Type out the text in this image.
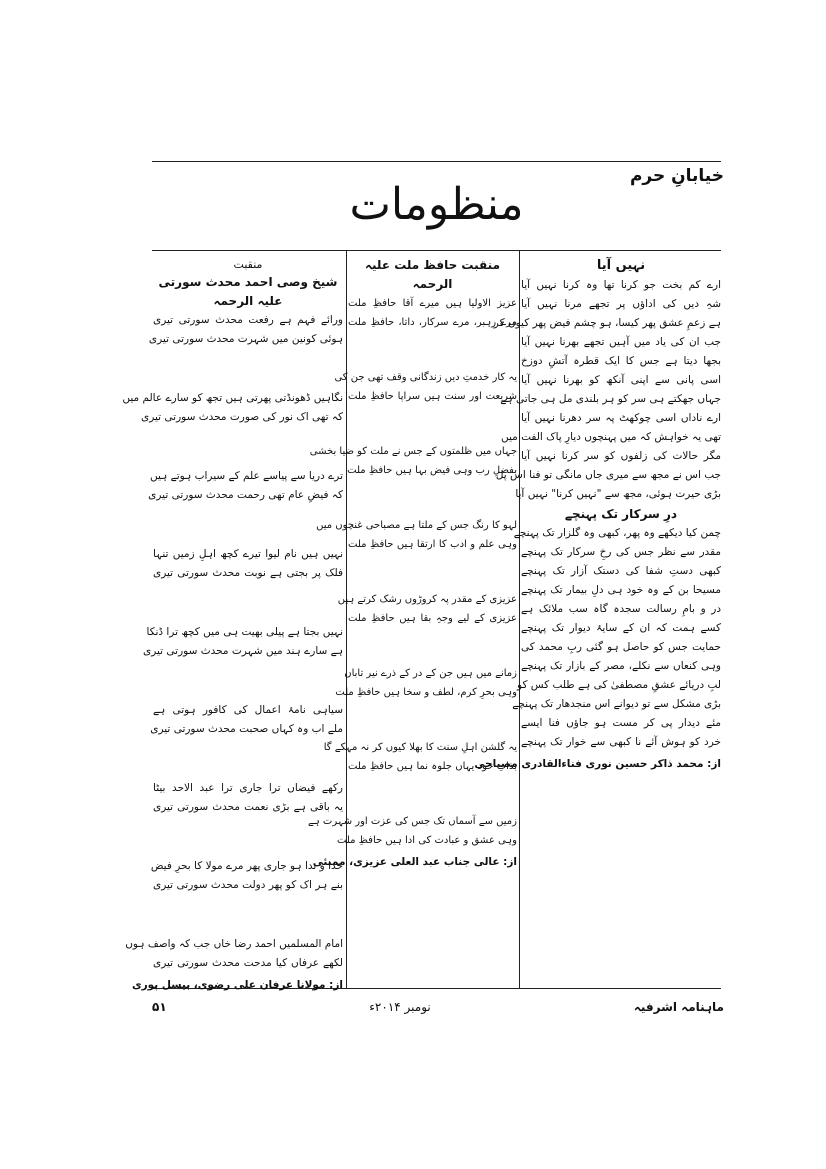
خیابانِ حرم
منظومات
نہیں آیا
ارے کم بخت جو کرنا تھا وہ کرنا نہیں آیا
شہِ دیں کی اداؤں پر تجھے مرنا نہیں آیا
ہے زعمِ عشق پھر کیسا، ہو چشم فیض پھر کیوں کر
جب ان کی یاد میں آہیں تجھے بھرنا نہیں آیا
بجھا دیتا ہے جس کا ایک قطرہ آتشِ دوزخ
اسی پانی سے اپنی آنکھ کو بھرنا نہیں آیا
جہاں جھکتے ہی سر کو ہر بلندی مل ہی جاتی ہے
ارے ناداں اسی چوکھٹ پہ سر دھرنا نہیں آیا
تھی یہ خواہش کہ میں پہنچوں دیارِ پاک الفت میں
مگر حالات کی زلفوں کو سر کرنا نہیں آیا
جب اس نے مجھ سے میری جاں مانگی تو فنا اس پل
بڑی حیرت ہوئی، مجھ سے "نہیں کرنا" نہیں آیا
درِ سرکار تک پہنچے
چمن کیا دیکھے وہ پھر، کبھی وہ گلزار تک پہنچے
مقدر سے نظر جس کی رخِ سرکار تک پہنچے
کبھی دستِ شفا کی دستک آزار تک پہنچے
مسیحا بن کے وہ خود ہی دلِ بیمار تک پہنچے
در و بامِ رسالت سجدہ گاہ سب ملائک ہے
کسے ہمت کہ ان کے سایۂ دیوار تک پہنچے
حمایت جس کو حاصل ہو گئی ربِ محمد کی
وہی کنعاں سے نکلے، مصر کے بازار تک پہنچے
لبِ دریائے عشقِ مصطفیٰ کی ہے طلب کس کو
بڑی مشکل سے تو دیوانے اس منجدھار تک پہنچے
مئے دیدار پی کر مست ہو جاؤں فنا ایسے
خرد کو ہوش آئے نا کبھی سے خوار تک پہنچے
از: محمد ذاکر حسین نوری فناءالقادری مصباحی
منقبت حافظ ملت علیہ الرحمہ
عزیز الاولیا ہیں میرے آقا حافظِ ملت
مرے رہبر، مرے سرکار، داتا، حافظِ ملت
یہ کار خدمتِ دیں زندگانی وقف تھی جن کی
شریعت اور سنت ہیں سراپا حافظِ ملت
جہاں میں ظلمتوں کے جس نے ملت کو ضیا بخشی
بفضلِ رب وہی فیض بہا ہیں حافظِ ملت
لہو کا رنگ جس کے ملتا ہے مصباحی غنچوں میں
وہی علم و ادب کا ارتقا ہیں حافظِ ملت
عزیزی کے مقدر پہ کروڑوں رشک کرتے ہیں
عزیزی کے لیے وجہِ بقا ہیں حافظِ ملت
زمانے میں ہیں جن کے در کے ذرے نیر تاباں
وہی بحرِ کرم، لطف و سخا ہیں حافظِ ملت
یہ گلشن اہلِ سنت کا بھلا کیوں کر نہ مہکے گا
بذاتِ خود یہاں جلوہ نما ہیں حافظِ ملت
زمیں سے آسماں تک جس کی عزت اور شہرت ہے
وہی عشق و عبادت کی ادا ہیں حافظِ ملت
از: عالی جناب عبد العلی عزیزی، ممبئی
منقبت
شیخ وصی احمد محدث سورتی علیہ الرحمہ
ورائے فہم ہے رفعت محدث سورتی تیری
ہوئی کونین میں شہرت محدث سورتی تیری
نگاہیں ڈھونڈتی پھرتی ہیں تجھ کو سارے عالم میں
کہ تھی اک نور کی صورت محدث سورتی تیری
ترے دریا سے پیاسے علم کے سیراب ہوتے ہیں
کہ فیضِ عام تھی رحمت محدث سورتی تیری
نہیں ہیں نام لیوا تیرے کچھ اہلِ زمیں تنہا
فلک پر بجتی ہے نوبت محدث سورتی تیری
نہیں بجتا ہے پیلی بھیت ہی میں کچھ ترا ڈنکا
ہے سارے ہند میں شہرت محدث سورتی تیری
سیاہی نامۂ اعمال کی کافور ہوتی ہے
ملے اب وہ کہاں صحبت محدث سورتی تیری
رکھے فیضاں ترا جاری ترا عبد الاحد بیٹا
یہ باقی ہے بڑی نعمت محدث سورتی تیری
خدا و ندا ہو جاری پھر مرے مولا کا بحرِ فیض
بنے ہر اک کو پھر دولت محدث سورتی تیری
امام المسلمیں احمد رضا خاں جب کہ واصف ہوں
لکھے عرفاں کیا مدحت محدث سورتی تیری
از: مولانا عرفان علی رضوی، بیسل پوری
ماہنامہ اشرفیہ
نومبر ۲۰۱۴ء
۵۱
